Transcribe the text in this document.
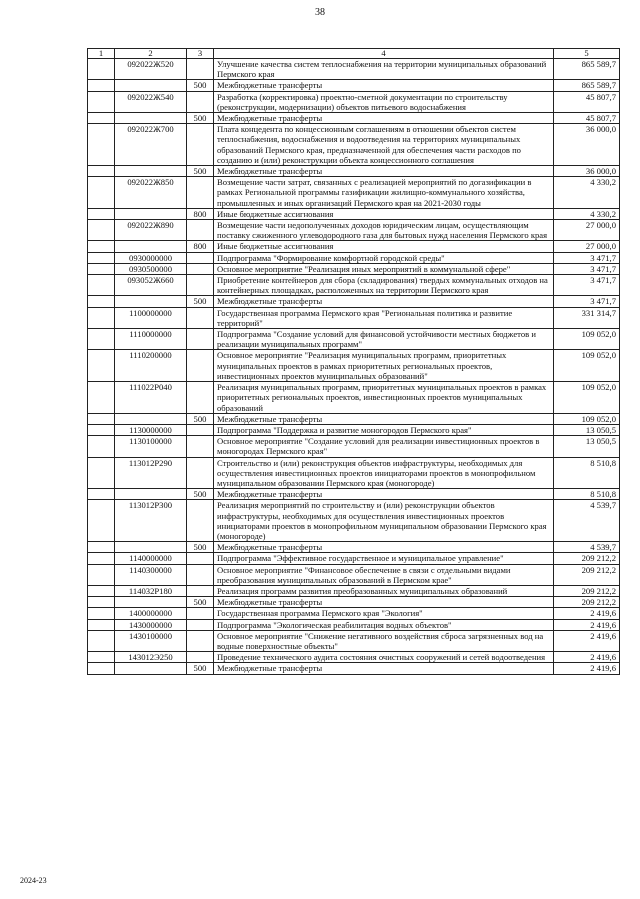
38
1	2	3	4	5
	092022Ж520		Улучшение качества систем теплоснабжения на территории муниципальных образований Пермского края	865 589,7
		500	Межбюджетные трансферты	865 589,7
	092022Ж540		Разработка (корректировка) проектно-сметной документации по строительству (реконструкции, модернизации) объектов питьевого водоснабжения	45 807,7
		500	Межбюджетные трансферты	45 807,7
	092022Ж700		Плата концедента по концессионным соглашениям в отношении объектов систем теплоснабжения, водоснабжения и водоотведения на территориях муниципальных образований Пермского края, предназначенной для обеспечения части расходов по созданию и (или) реконструкции объекта концессионного соглашения	36 000,0
		500	Межбюджетные трансферты	36 000,0
	092022Ж850		Возмещение части затрат, связанных с реализацией мероприятий по догазификации в рамках Региональной программы газификации жилищно-коммунального хозяйства, промышленных и иных организаций Пермского края на 2021-2030 годы	4 330,2
		800	Иные бюджетные ассигнования	4 330,2
	092022Ж890		Возмещение части недополученных доходов юридическим лицам, осуществляющим поставку сжиженного углеводородного газа для бытовых нужд населения Пермского края	27 000,0
		800	Иные бюджетные ассигнования	27 000,0
	0930000000		Подпрограмма "Формирование комфортной городской среды"	3 471,7
	0930500000		Основное мероприятие "Реализация иных мероприятий в коммунальной сфере"	3 471,7
	093052Ж660		Приобретение контейнеров для сбора (складирования) твердых коммунальных отходов на контейнерных площадках, расположенных на территории Пермского края	3 471,7
		500	Межбюджетные трансферты	3 471,7
	1100000000		Государственная программа Пермского края "Региональная политика и развитие территорий"	331 314,7
	1110000000		Подпрограмма "Создание условий для финансовой устойчивости местных бюджетов и реализации муниципальных программ"	109 052,0
	1110200000		Основное мероприятие "Реализация муниципальных программ, приоритетных муниципальных проектов в рамках приоритетных региональных проектов, инвестиционных проектов муниципальных образований"	109 052,0
	111022Р040		Реализация муниципальных программ, приоритетных муниципальных проектов в рамках приоритетных региональных проектов, инвестиционных проектов муниципальных образований	109 052,0
		500	Межбюджетные трансферты	109 052,0
	1130000000		Подпрограмма "Поддержка и развитие моногородов Пермского края"	13 050,5
	1130100000		Основное мероприятие "Создание условий для реализации инвестиционных проектов в моногородах Пермского края"	13 050,5
	113012Р290		Строительство и (или) реконструкция объектов инфраструктуры, необходимых для осуществления инвестиционных проектов инициаторами проектов в монопрофильном муниципальном образовании Пермского края (моногороде)	8 510,8
		500	Межбюджетные трансферты	8 510,8
	113012Р300		Реализация мероприятий по строительству и (или) реконструкции объектов инфраструктуры, необходимых для осуществления инвестиционных проектов инициаторами проектов в монопрофильном муниципальном образовании Пермского края (моногороде)	4 539,7
		500	Межбюджетные трансферты	4 539,7
	1140000000		Подпрограмма "Эффективное государственное и муниципальное управление"	209 212,2
	1140300000		Основное мероприятие "Финансовое обеспечение в связи с отдельными видами преобразования муниципальных образований в Пермском крае"	209 212,2
	114032Р180		Реализация программ развития преобразованных муниципальных образований	209 212,2
		500	Межбюджетные трансферты	209 212,2
	1400000000		Государственная программа Пермского края "Экология"	2 419,6
	1430000000		Подпрограмма "Экологическая реабилитация водных объектов"	2 419,6
	1430100000		Основное мероприятие "Снижение негативного воздействия сброса загрязненных вод на водные поверхностные объекты"	2 419,6
	143012Э250		Проведение технического аудита состояния очистных сооружений и сетей водоотведения	2 419,6
		500	Межбюджетные трансферты	2 419,6
2024-23
